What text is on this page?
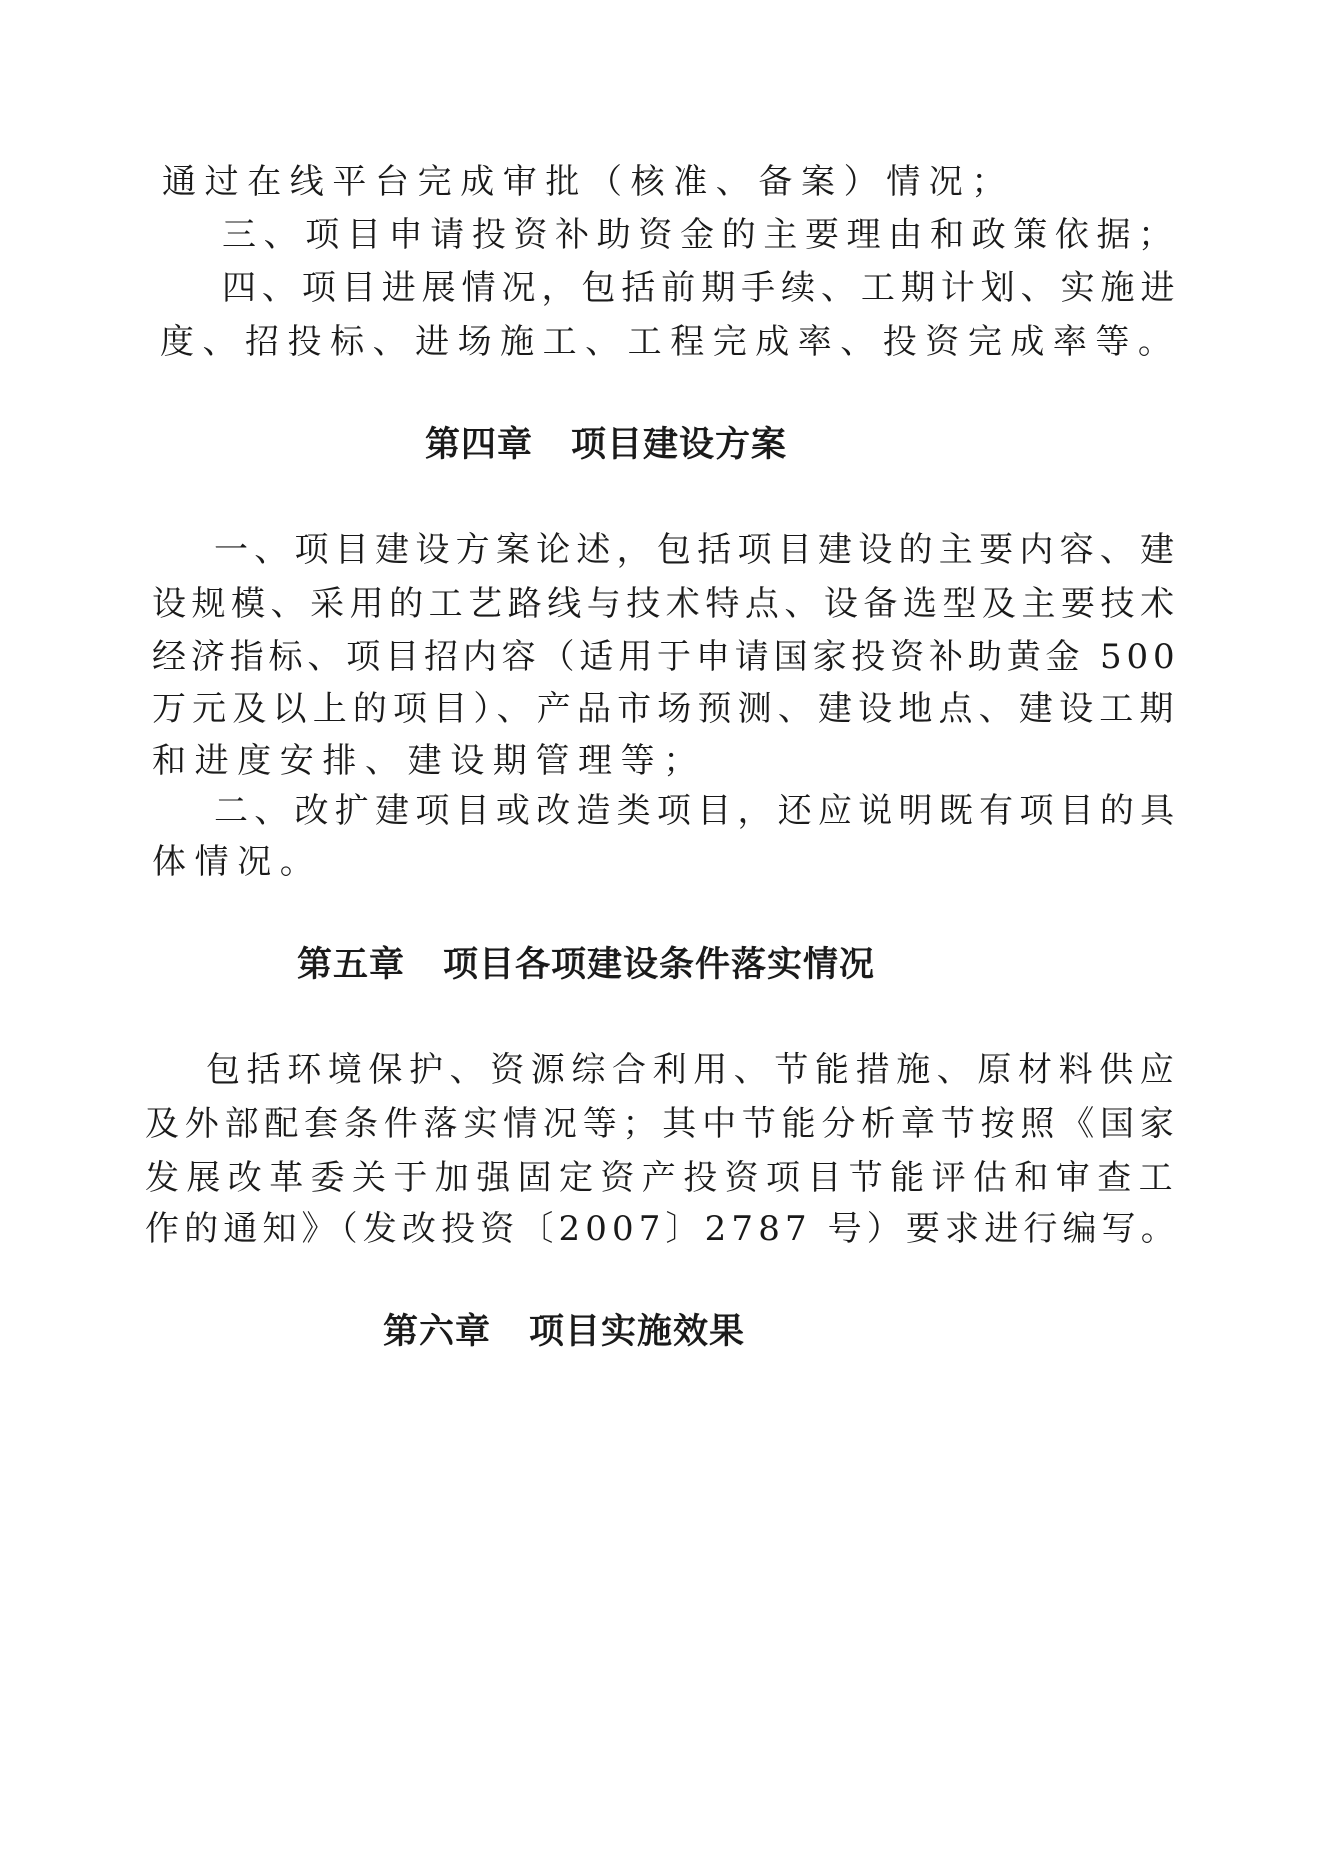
通过在线平台完成审批（核准、备案）情况；
三、项目申请投资补助资金的主要理由和政策依据；
四、项目进展情况，包括前期手续、工期计划、实施进
度、招投标、进场施工、工程完成率、投资完成率等。
第四章 项目建设方案
一、项目建设方案论述，包括项目建设的主要内容、建
设规模、采用的工艺路线与技术特点、设备选型及主要技术
经济指标、项目招内容（适用于申请国家投资补助黄金 500
万元及以上的项目）、产品市场预测、建设地点、建设工期
和进度安排、建设期管理等；
二、改扩建项目或改造类项目，还应说明既有项目的具
体情况。
第五章 项目各项建设条件落实情况
包括环境保护、资源综合利用、节能措施、原材料供应
及外部配套条件落实情况等；其中节能分析章节按照《国家
发展改革委关于加强固定资产投资项目节能评估和审查工
作的通知》（发改投资〔2007〕2787 号）要求进行编写。
第六章 项目实施效果
